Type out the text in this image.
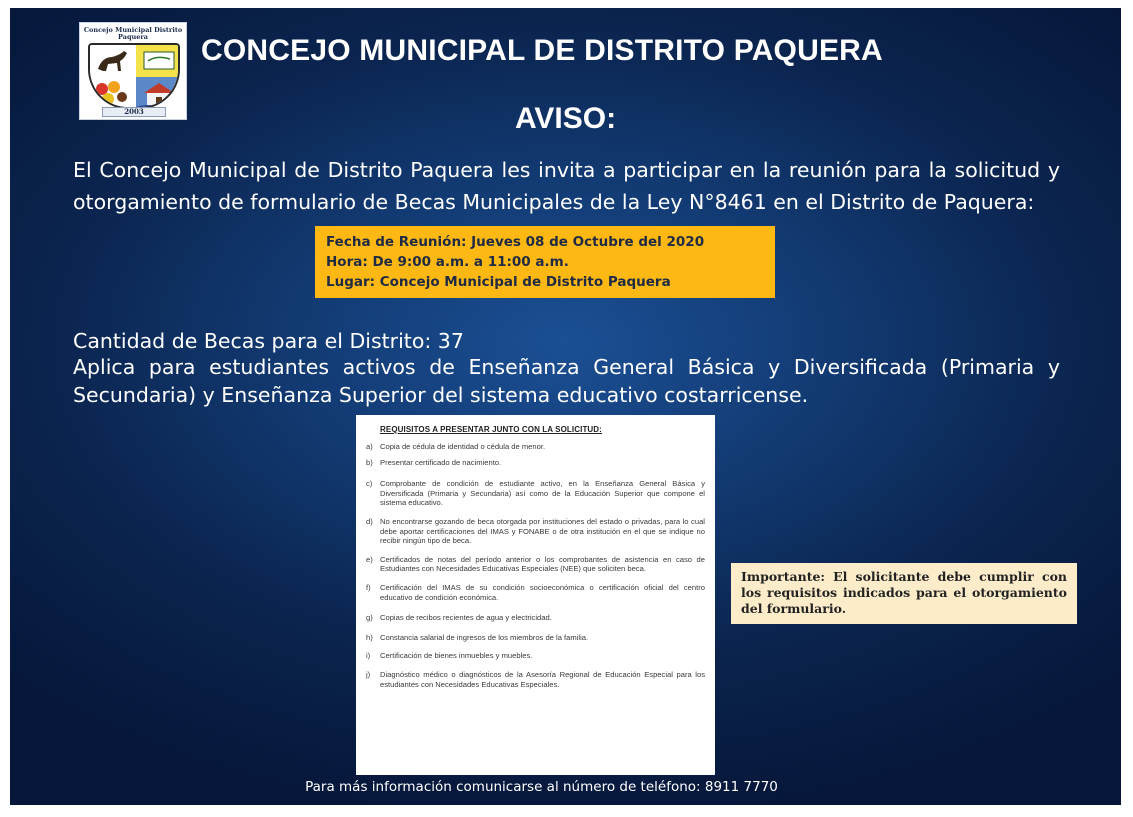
Concejo Municipal Distrito Paquera
2003
CONCEJO MUNICIPAL DE DISTRITO PAQUERA
AVISO:
El Concejo Municipal de Distrito Paquera les invita a participar en la reunión para la solicitud y otorgamiento de formulario de Becas Municipales de la Ley N°8461 en el Distrito de Paquera:
Fecha de Reunión: Jueves 08 de Octubre del 2020
Hora: De 9:00 a.m. a 11:00 a.m.
Lugar: Concejo Municipal de Distrito Paquera
Cantidad de Becas para el Distrito: 37
Aplica para estudiantes activos de Enseñanza General Básica y Diversificada (Primaria y Secundaria) y Enseñanza Superior del sistema educativo costarricense.
REQUISITOS A PRESENTAR JUNTO CON LA SOLICITUD:
a) Copia de cédula de identidad o cédula de menor.
b) Presentar certificado de nacimiento.
c)	Comprobante de condición de estudiante activo, en la Enseñanza General Básica y Diversificada (Primaria y Secundaria) así como de la Educación Superior que compone el sistema educativo.
d) No encontrarse gozando de beca otorgada por instituciones del estado o privadas, para lo cual debe aportar certificaciones del IMAS y FONABE o de otra institución en el que se indique no recibir ningún tipo de beca.
e) Certificados de notas del período anterior o los comprobantes de asistencia en caso de Estudiantes con Necesidades Educativas Especiales (NEE) que soliciten beca.
f)	Certificación del IMAS de su condición socioeconómica o certificación oficial del centro educativo de condición económica.
g) Copias de recibos recientes de agua y electricidad.
h) Constancia salarial de ingresos de los miembros de la familia.
i)	Certificación de bienes inmuebles y muebles.
j)	Diagnóstico médico o diagnósticos de la Asesoría Regional de Educación Especial para los estudiantes con Necesidades Educativas Especiales.
Importante: El solicitante debe cumplir con los requisitos indicados para el otorgamiento del formulario.
Para más información comunicarse al número de teléfono: 8911 7770
